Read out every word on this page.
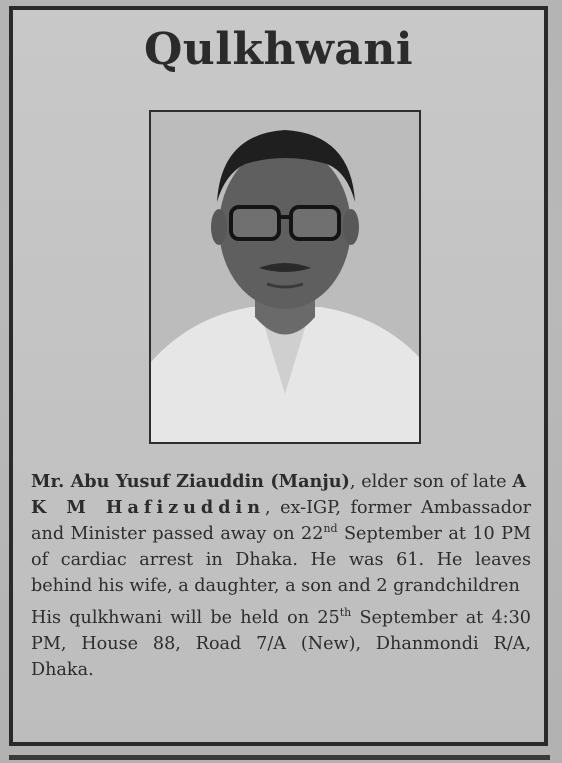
Qulkhwani

Mr. Abu Yusuf Ziauddin (Manju), elder son of late A K M Hafizuddin, ex-IGP, former Ambassador and Minister passed away on 22nd September at 10 PM of cardiac arrest in Dhaka. He was 61. He leaves behind his wife, a daughter, a son and 2 grandchildren

His qulkhwani will be held on 25th September at 4:30 PM, House 88, Road 7/A (New), Dhanmondi R/A, Dhaka.
